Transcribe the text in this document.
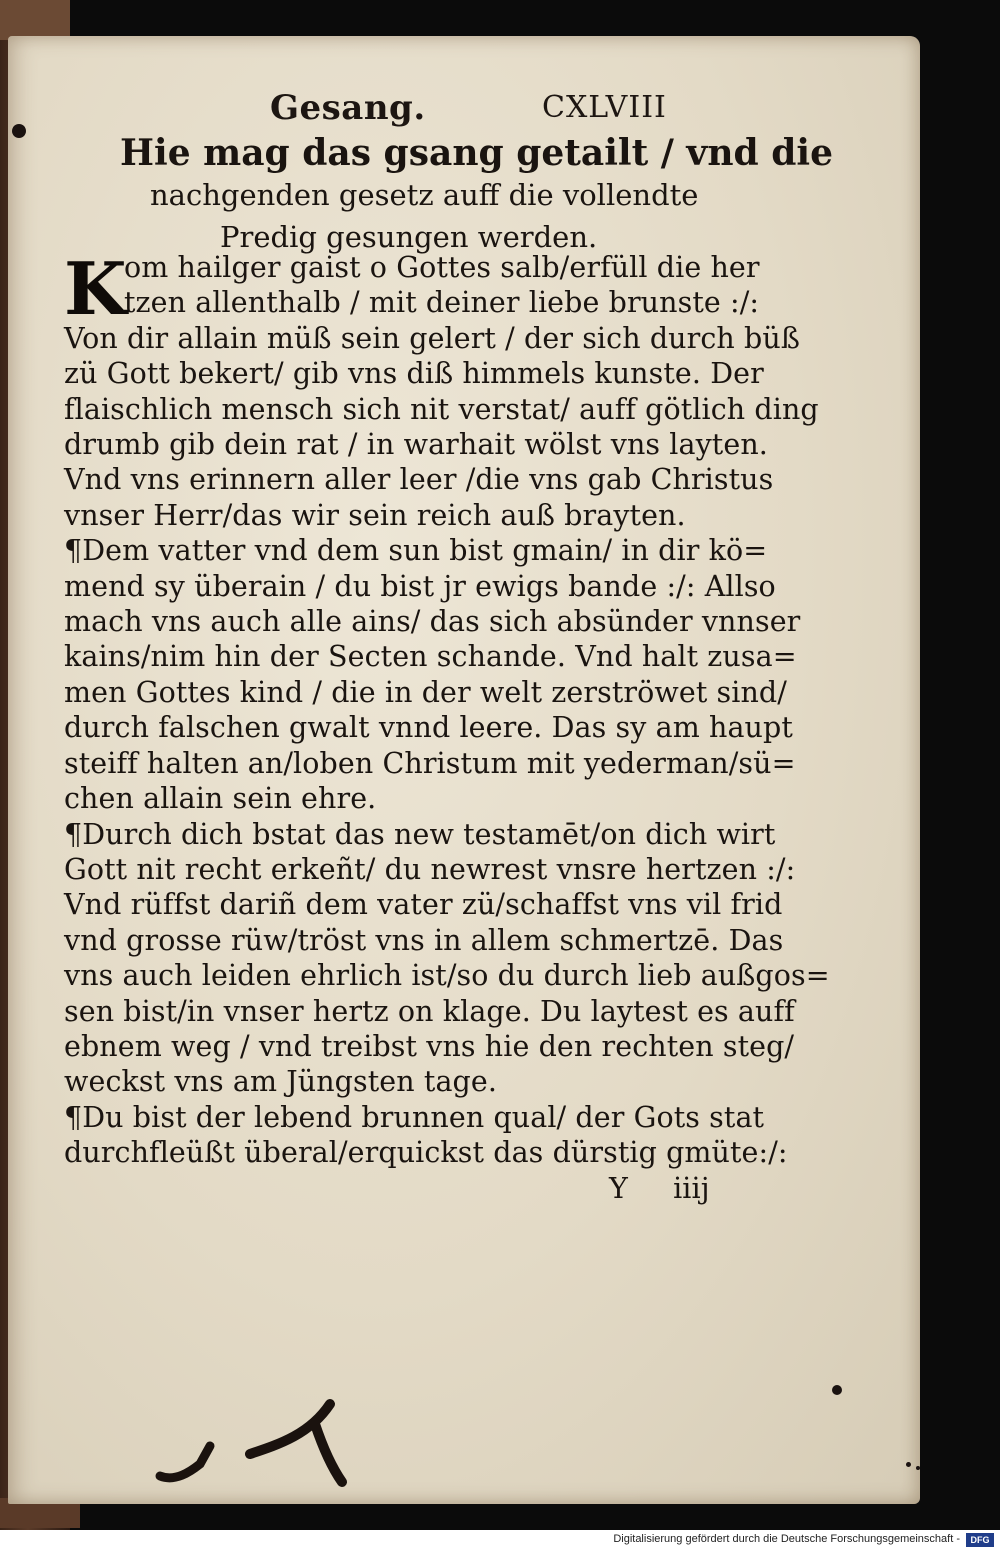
Gesang.	CXLVIII
Hie mag das gsang getailt / vnd die
nachgenden gesetz auff die vollendte
Predig gesungen werden.
K
om hailger gaist o Gottes salb/erfüll die her
tzen allenthalb / mit deiner liebe brunste :/:
Von dir allain müß sein gelert / der sich durch büß
zü Gott bekert/ gib vns diß himmels kunste. Der
flaischlich mensch sich nit verstat/ auff götlich ding
drumb gib dein rat / in warhait wölst vns layten.
Vnd vns erinnern aller leer /die vns gab Christus
vnser Herr/das wir sein reich auß brayten.
¶Dem vatter vnd dem sun bist gmain/ in dir kö=
mend sy überain / du bist jr ewigs bande :/: Allso
mach vns auch alle ains/ das sich absünder vnnser
kains/nim hin der Secten schande. Vnd halt zusa=
men Gottes kind / die in der welt zerströwet sind/
durch falschen gwalt vnnd leere. Das sy am haupt
steiff halten an/loben Christum mit yederman/sü=
chen allain sein ehre.
¶Durch dich bstat das new testamēt/on dich wirt
Gott nit recht erkeñt/ du newrest vnsre hertzen :/:
Vnd rüffst dariñ dem vater zü/schaffst vns vil frid
vnd grosse rüw/tröst vns in allem schmertzē. Das
vns auch leiden ehrlich ist/so du durch lieb außgos=
sen bist/in vnser hertz on klage. Du laytest es auff
ebnem weg / vnd treibst vns hie den rechten steg/
weckst vns am Jüngsten tage.
¶Du bist der lebend brunnen qual/ der Gots stat
durchfleüßt überal/erquickst das dürstig gmüte:/:
Y iiij
Digitalisierung gefördert durch die Deutsche Forschungsgemeinschaft -	DFG
